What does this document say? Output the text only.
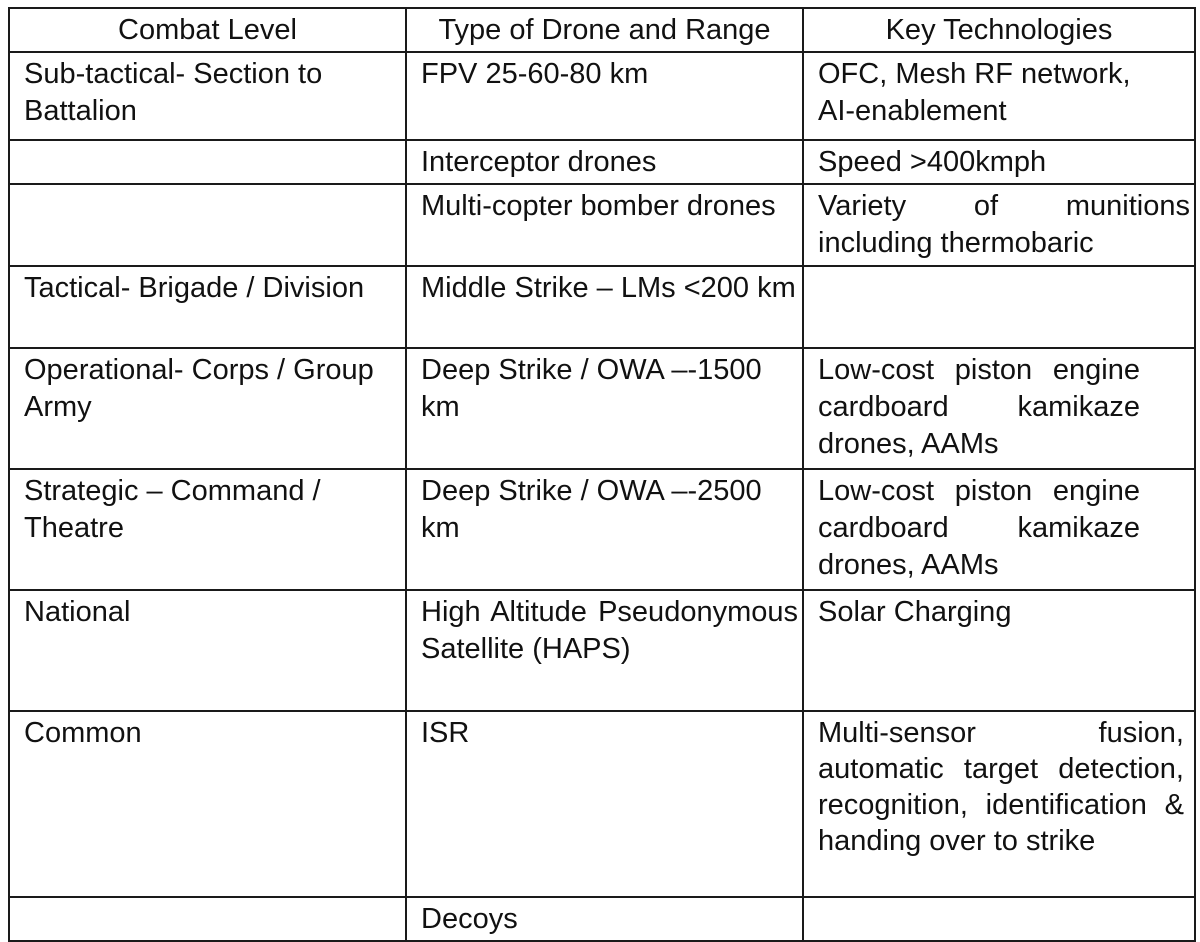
Combat Level	Type of Drone and Range	Key Technologies
Sub-tactical- Section to Battalion	FPV 25-60-80 km	OFC, Mesh RF network, AI-enablement
	Interceptor drones	Speed >400kmph
	Multi-copter bomber drones	Variety of munitions including thermobaric
Tactical- Brigade / Division	Middle Strike – LMs <200 km	
Operational- Corps / Group Army	Deep Strike / OWA –-1500 km	Low-cost piston engine cardboard kamikaze drones, AAMs
Strategic – Command / Theatre	Deep Strike / OWA –-2500 km	Low-cost piston engine cardboard kamikaze drones, AAMs
National	High Altitude Pseudonymous Satellite (HAPS)	Solar Charging
Common	ISR	Multi-sensor fusion, automatic target detection, recognition, identification & handing over to strike
	Decoys	
